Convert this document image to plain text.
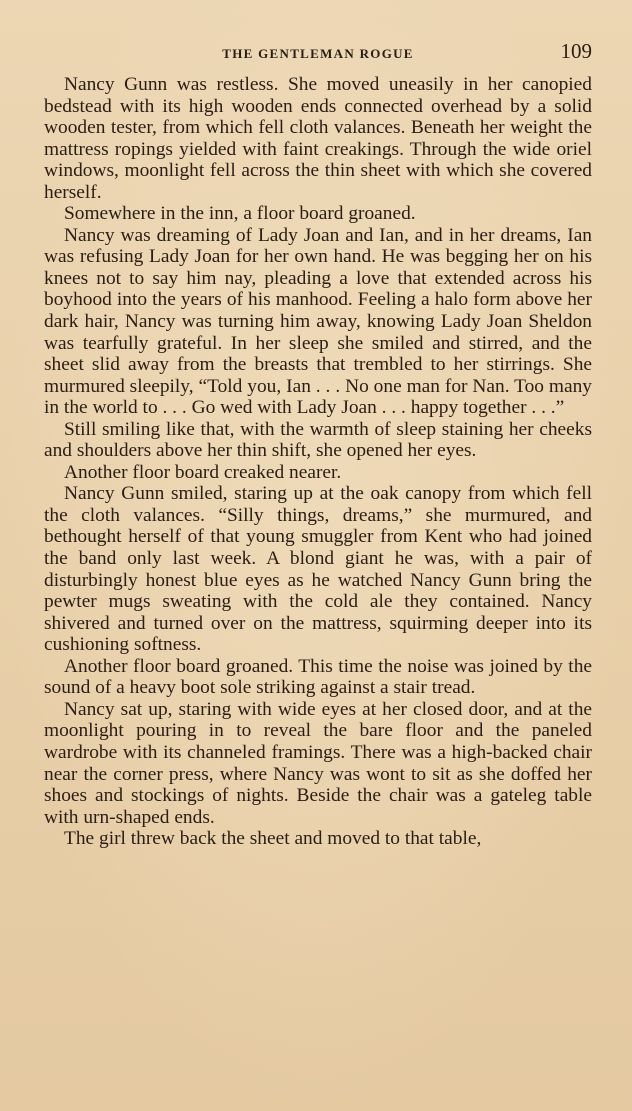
THE GENTLEMAN ROGUE	109

Nancy Gunn was restless. She moved uneasily in her canopied bedstead with its high wooden ends connected overhead by a solid wooden tester, from which fell cloth valances. Beneath her weight the mattress ropings yielded with faint creakings. Through the wide oriel windows, moonlight fell across the thin sheet with which she covered herself.

Somewhere in the inn, a floor board groaned.

Nancy was dreaming of Lady Joan and Ian, and in her dreams, Ian was refusing Lady Joan for her own hand. He was begging her on his knees not to say him nay, pleading a love that extended across his boyhood into the years of his manhood. Feeling a halo form above her dark hair, Nancy was turning him away, knowing Lady Joan Sheldon was tearfully grateful. In her sleep she smiled and stirred, and the sheet slid away from the breasts that trembled to her stirrings. She murmured sleepily, “Told you, Ian . . . No one man for Nan. Too many in the world to . . . Go wed with Lady Joan . . . happy together . . .”

Still smiling like that, with the warmth of sleep staining her cheeks and shoulders above her thin shift, she opened her eyes.

Another floor board creaked nearer.

Nancy Gunn smiled, staring up at the oak canopy from which fell the cloth valances. “Silly things, dreams,” she murmured, and bethought herself of that young smuggler from Kent who had joined the band only last week. A blond giant he was, with a pair of disturbingly honest blue eyes as he watched Nancy Gunn bring the pewter mugs sweating with the cold ale they contained. Nancy shivered and turned over on the mattress, squirming deeper into its cushioning softness.

Another floor board groaned. This time the noise was joined by the sound of a heavy boot sole striking against a stair tread.

Nancy sat up, staring with wide eyes at her closed door, and at the moonlight pouring in to reveal the bare floor and the paneled wardrobe with its channeled framings. There was a high-backed chair near the corner press, where Nancy was wont to sit as she doffed her shoes and stockings of nights. Beside the chair was a gateleg table with urn-shaped ends.

The girl threw back the sheet and moved to that table,
